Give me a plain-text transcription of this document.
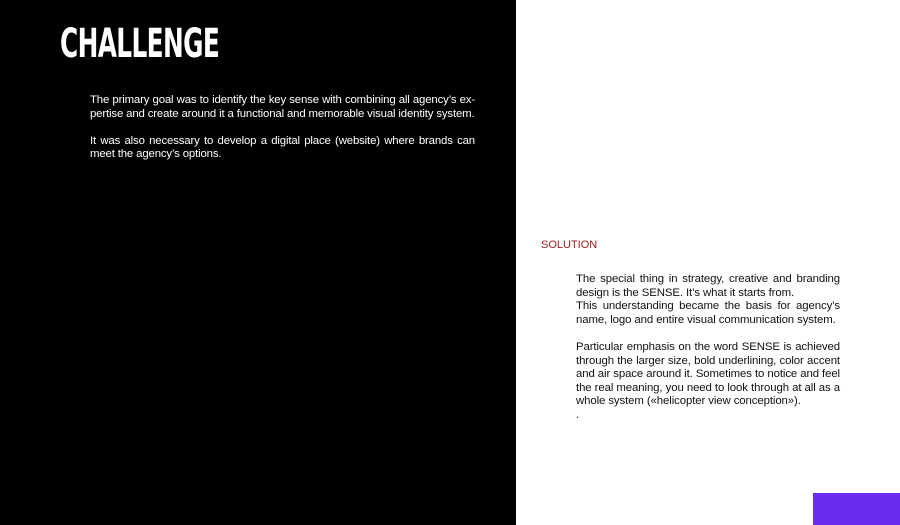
CHALLENGE

The primary goal was to identify the key sense with combining all agency’s ex-pertise and create around it a functional and memorable visual identity system.

It was also necessary to develop a digital place (website) where brands can meet the agency’s options.

SOLUTION

The special thing in strategy, creative and branding design is the SENSE. It’s what it starts from.

This understanding became the basis for agency’s name, logo and entire visual communication system.

Particular emphasis on the word SENSE is achieved through the larger size, bold underlining, color accent and air space around it. Sometimes to notice and feel the real meaning, you need to look through at all as a whole system («helicopter view conception»).

.
